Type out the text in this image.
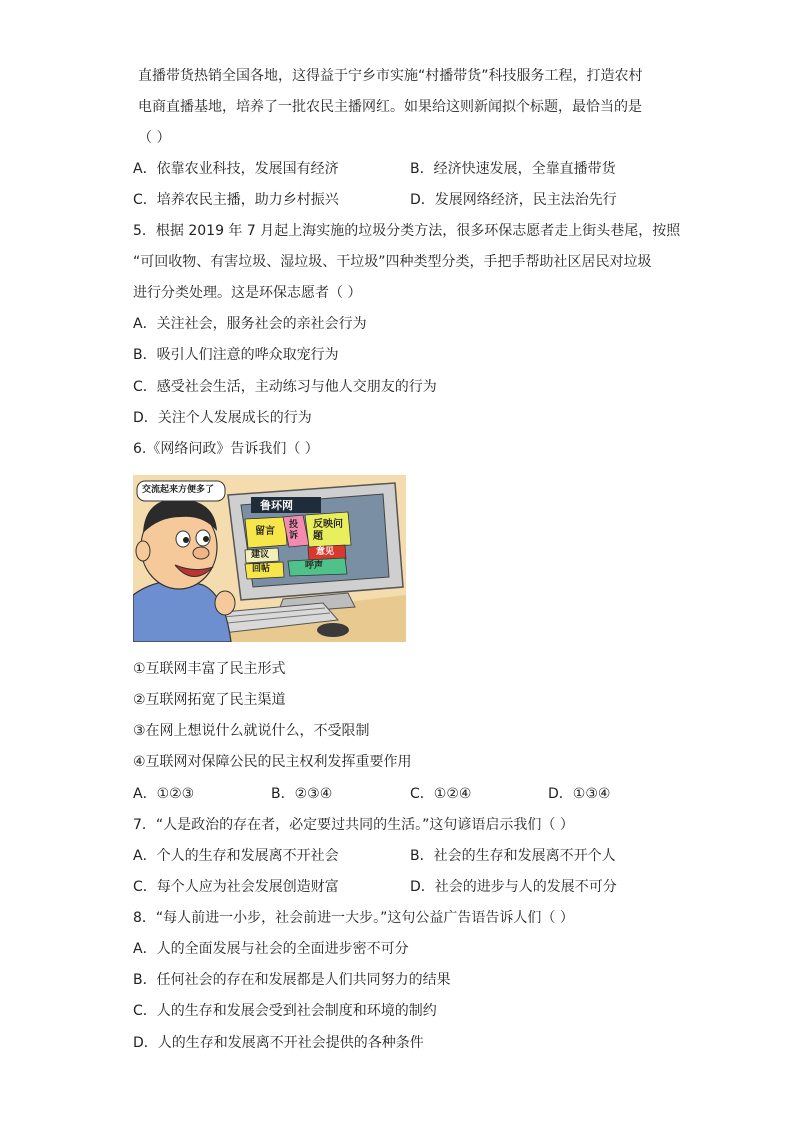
直播带货热销全国各地，这得益于宁乡市实施“村播带货”科技服务工程，打造农村
电商直播基地，培养了一批农民主播网红。如果给这则新闻拟个标题，最恰当的是
（ ）
A．依靠农业科技，发展国有经济	B．经济快速发展，全靠直播带货
C．培养农民主播，助力乡村振兴	D．发展网络经济，民主法治先行
5．根据 2019 年 7 月起上海实施的垃圾分类方法，很多环保志愿者走上街头巷尾，按照
“可回收物、有害垃圾、湿垃圾、干垃圾”四种类型分类，手把手帮助社区居民对垃圾
进行分类处理。这是环保志愿者（ ）
A．关注社会，服务社会的亲社会行为
B．吸引人们注意的哗众取宠行为
C．感受社会生活，主动练习与他人交朋友的行为
D．关注个人发展成长的行为
6.《网络问政》告诉我们（ ）
交流起来方便多了
鲁环网
留言
投诉
反映问题
建议	意见
回帖	呼声
①互联网丰富了民主形式
②互联网拓宽了民主渠道
③在网上想说什么就说什么，不受限制
④互联网对保障公民的民主权利发挥重要作用
A．①②③	B．②③④	C．①②④	D．①③④
7．“人是政治的存在者，必定要过共同的生活。”这句谚语启示我们（ ）
A．个人的生存和发展离不开社会	B．社会的生存和发展离不开个人
C．每个人应为社会发展创造财富	D．社会的进步与人的发展不可分
8．“每人前进一小步，社会前进一大步。”这句公益广告语告诉人们（ ）
A．人的全面发展与社会的全面进步密不可分
B．任何社会的存在和发展都是人们共同努力的结果
C．人的生存和发展会受到社会制度和环境的制约
D．人的生存和发展离不开社会提供的各种条件
